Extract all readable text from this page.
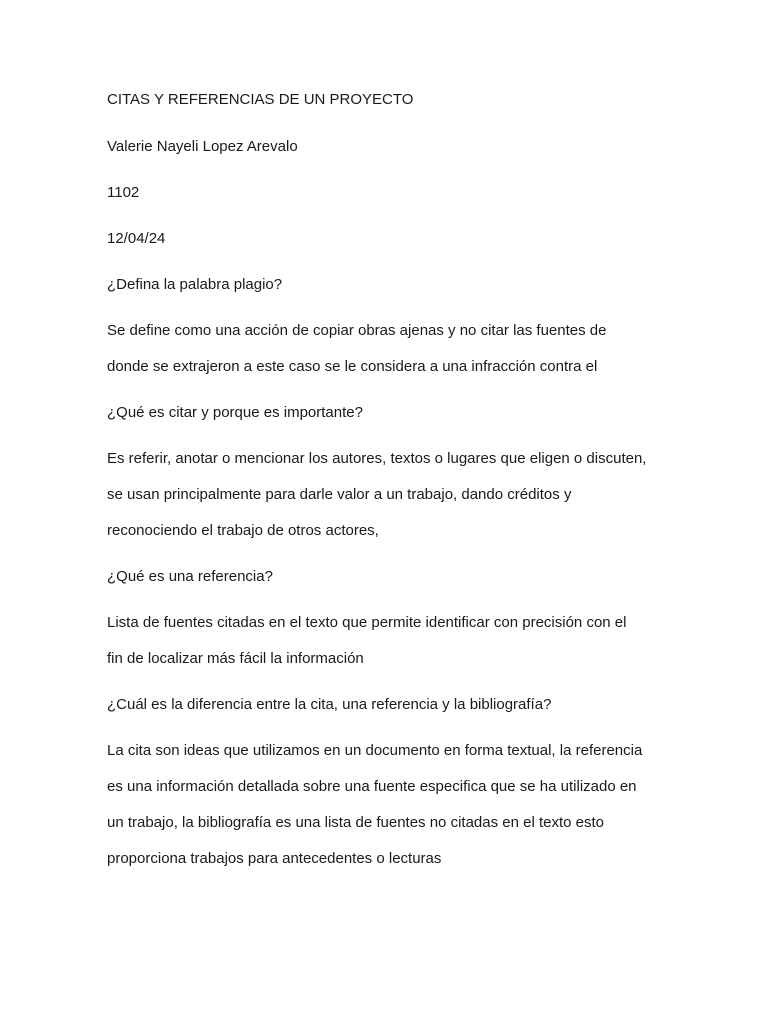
CITAS Y REFERENCIAS DE UN PROYECTO
Valerie Nayeli Lopez Arevalo
1102
12/04/24
¿Defina la palabra plagio?
Se define como una acción de copiar obras ajenas y no citar las fuentes de
donde se extrajeron a este caso se le considera a una infracción contra el
¿Qué es citar y porque es importante?
Es referir, anotar o mencionar los autores, textos o lugares que eligen o discuten,
se usan principalmente para darle valor a un trabajo, dando créditos y
reconociendo el trabajo de otros actores,
¿Qué es una referencia?
Lista de fuentes citadas en el texto que permite identificar con precisión con el
fin de localizar más fácil la información
¿Cuál es la diferencia entre la cita, una referencia y la bibliografía?
La cita son ideas que utilizamos en un documento en forma textual, la referencia
es una información detallada sobre una fuente especifica que se ha utilizado en
un trabajo, la bibliografía es una lista de fuentes no citadas en el texto esto
proporciona trabajos para antecedentes o lecturas
